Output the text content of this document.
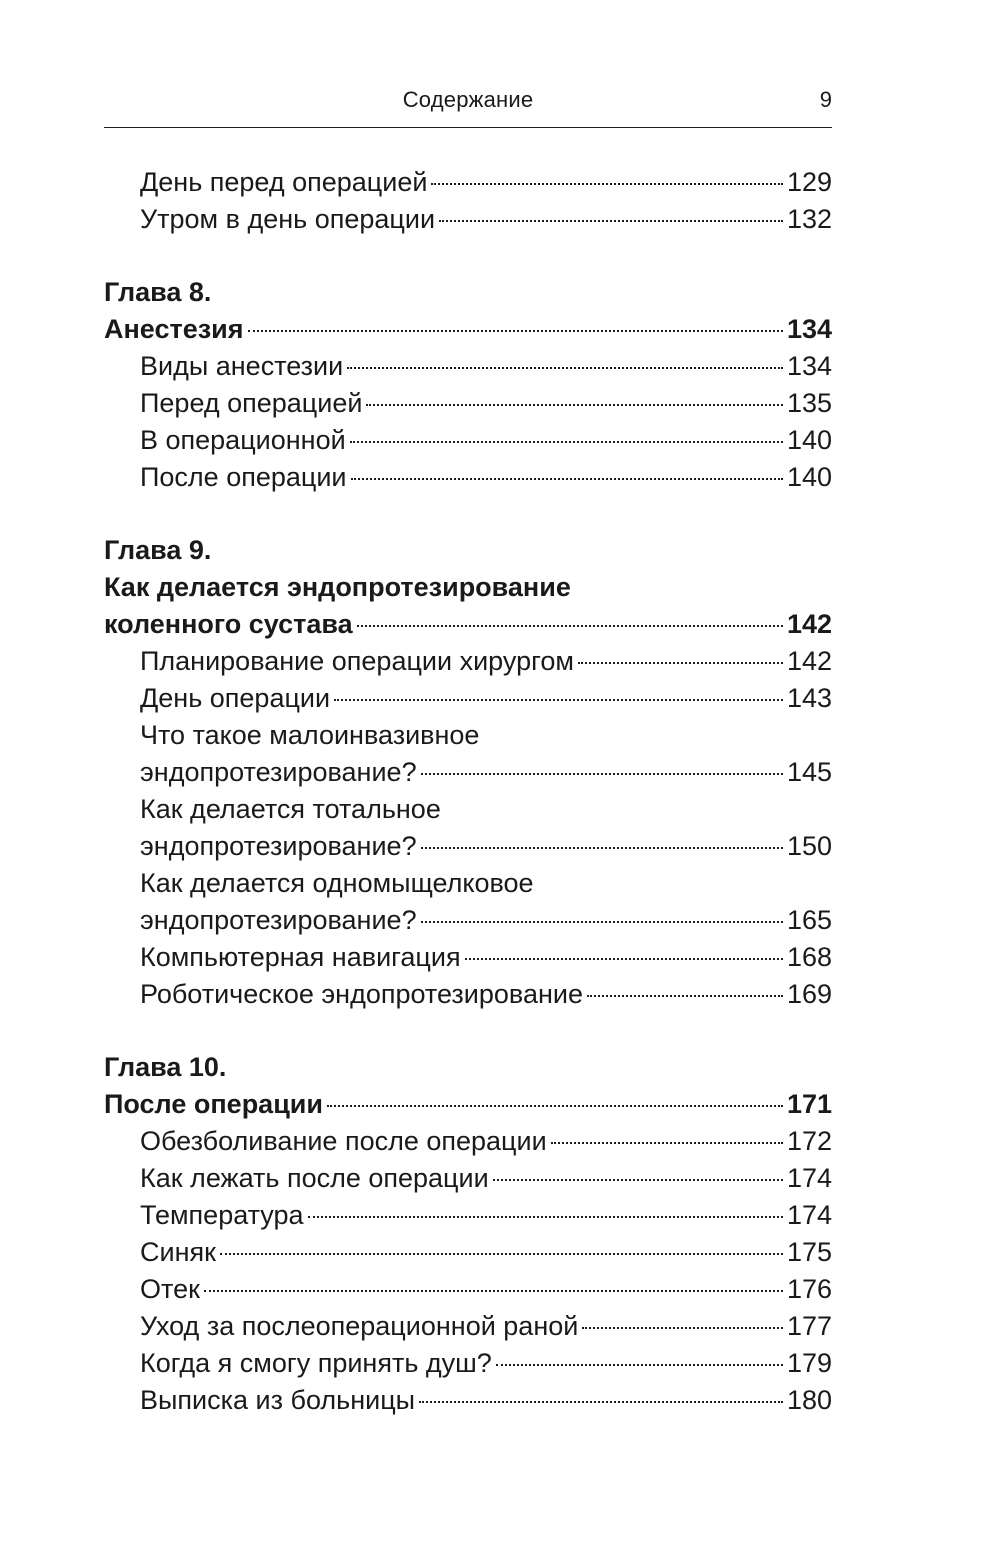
Содержание	9
День перед операцией	129
Утром в день операции	132
Глава 8.
Анестезия	134
Виды анестезии	134
Перед операцией	135
В операционной	140
После операции	140
Глава 9.
Как делается эндопротезирование
коленного сустава	142
Планирование операции хирургом	142
День операции	143
Что такое малоинвазивное
эндопротезирование?	145
Как делается тотальное
эндопротезирование?	150
Как делается одномыщелковое
эндопротезирование?	165
Компьютерная навигация	168
Роботическое эндопротезирование	169
Глава 10.
После операции	171
Обезболивание после операции	172
Как лежать после операции	174
Температура	174
Синяк	175
Отек	176
Уход за послеоперационной раной	177
Когда я смогу принять душ?	179
Выписка из больницы	180
